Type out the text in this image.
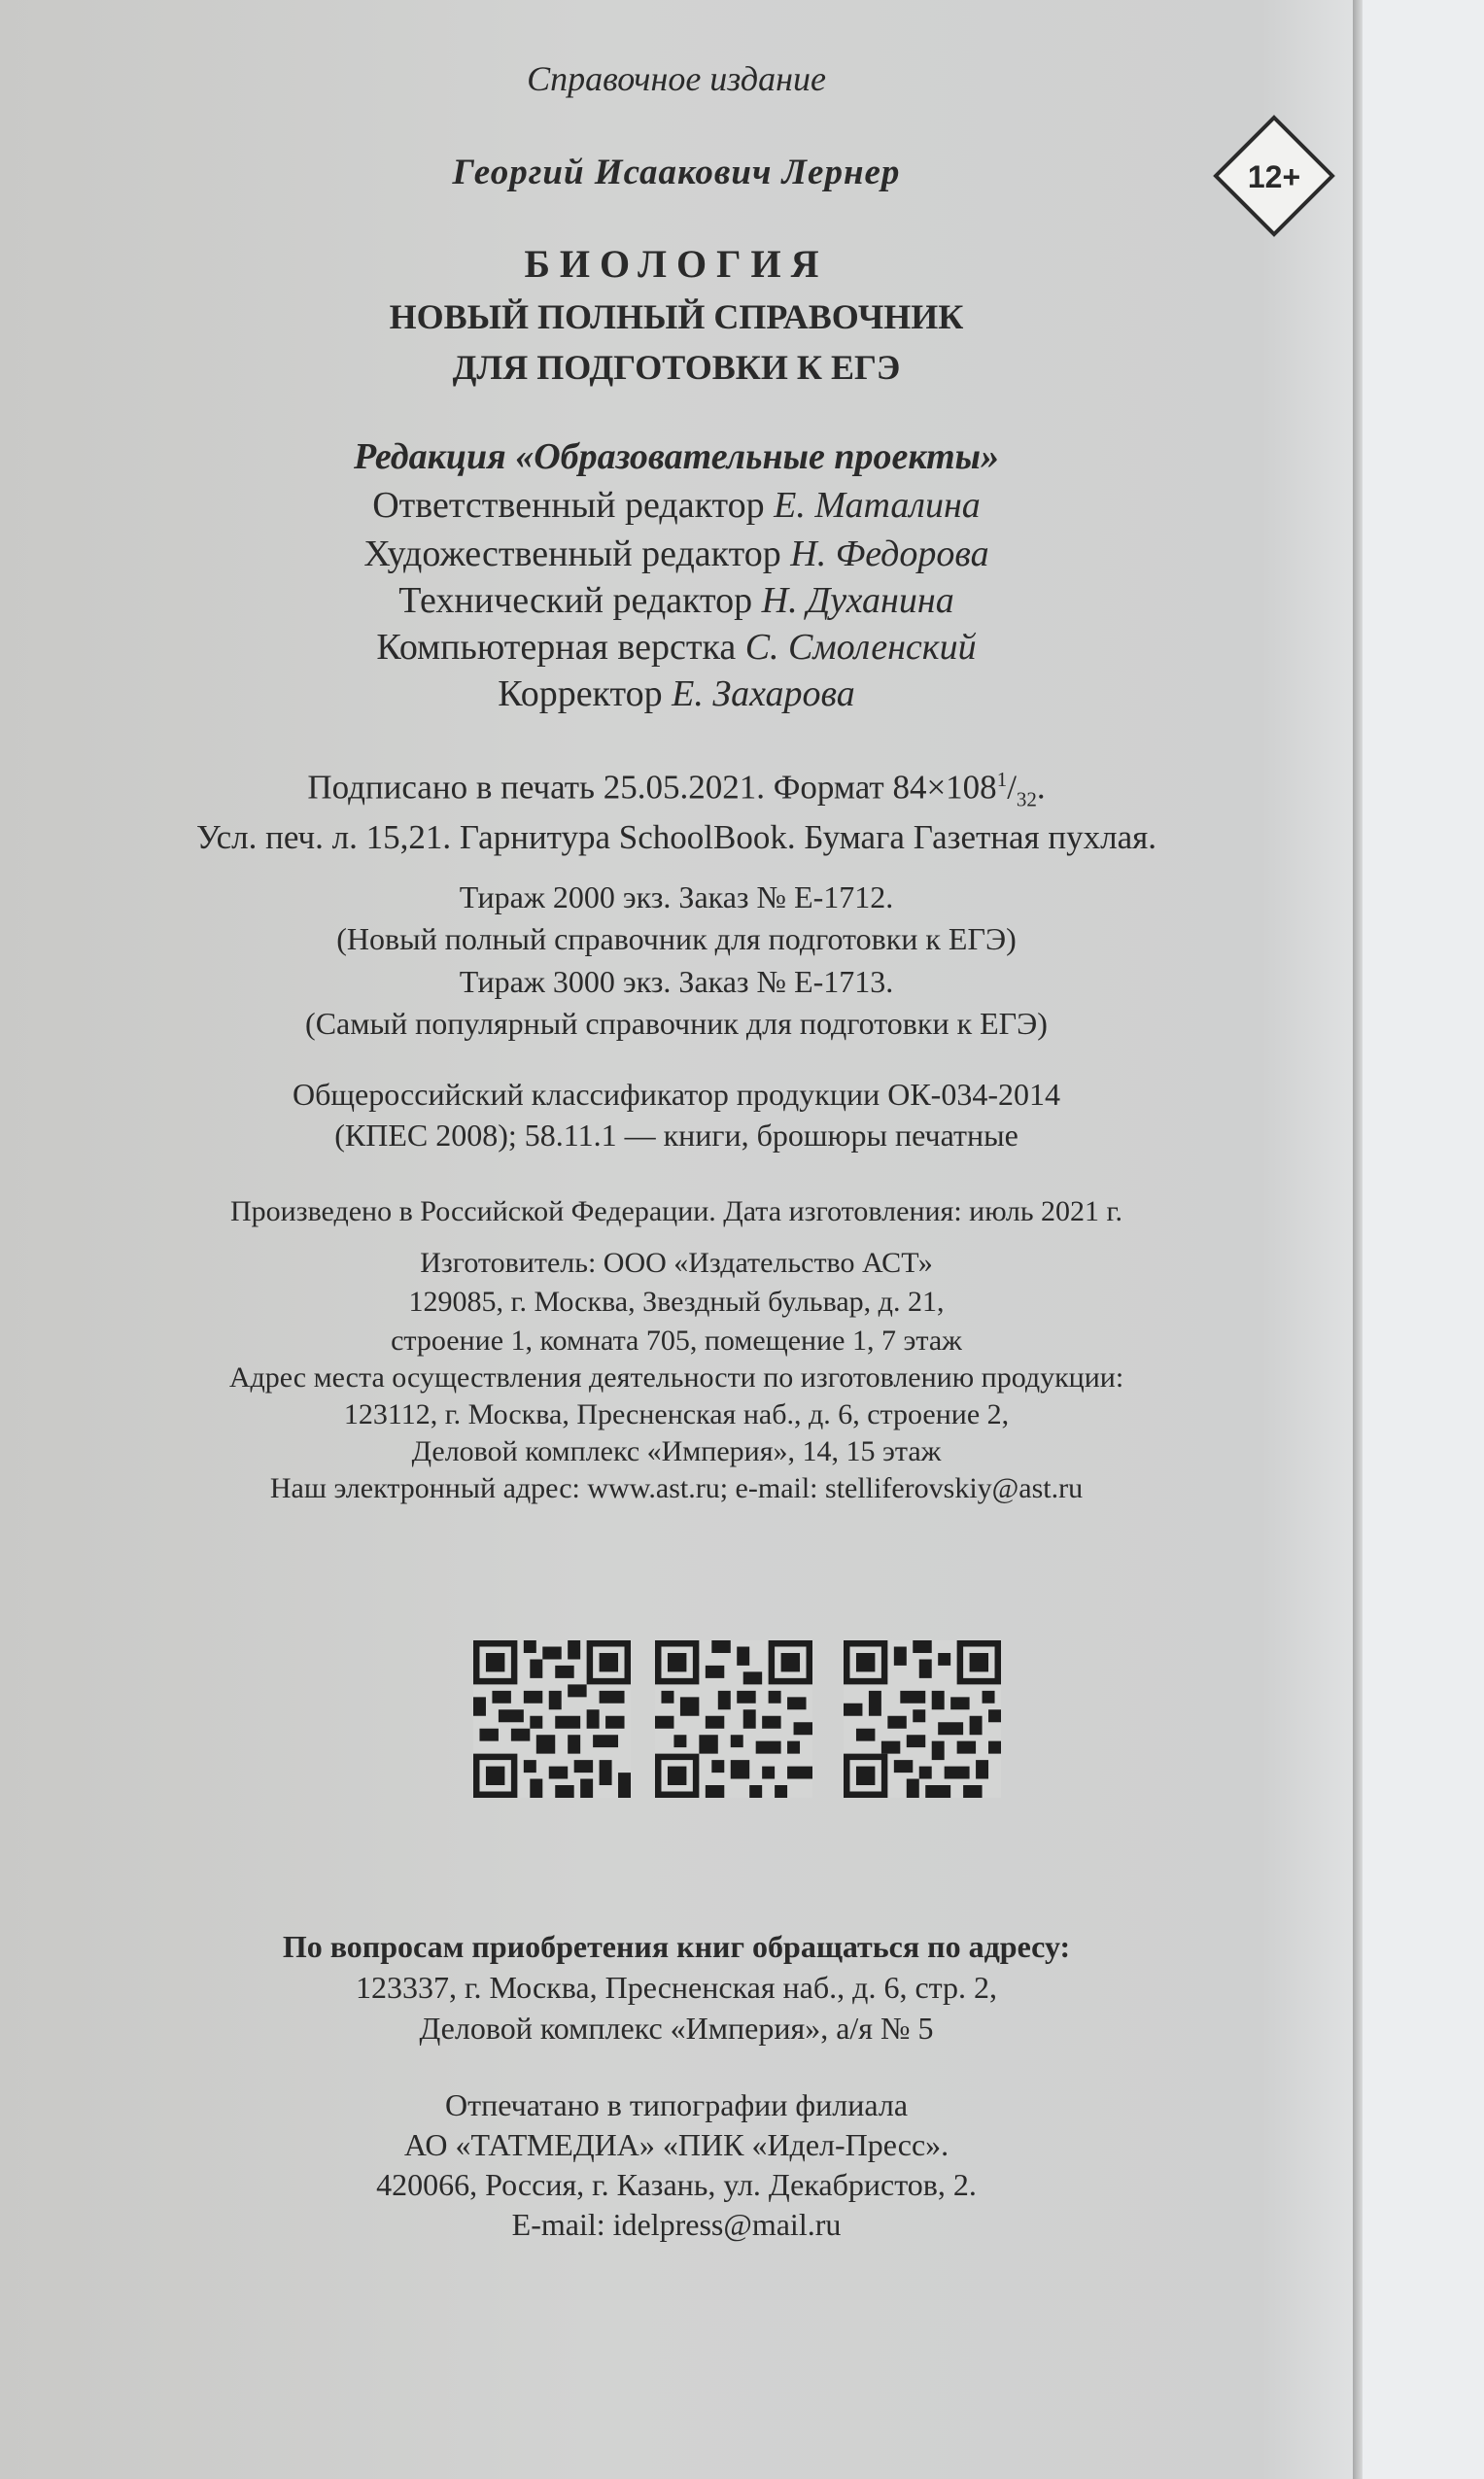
Справочное издание
Георгий Исаакович Лернер	12+
БИОЛОГИЯ
НОВЫЙ ПОЛНЫЙ СПРАВОЧНИК
ДЛЯ ПОДГОТОВКИ К ЕГЭ
Редакция «Образовательные проекты»
Ответственный редактор Е. Маталина
Художественный редактор Н. Федорова
Технический редактор Н. Духанина
Компьютерная верстка С. Смоленский
Корректор Е. Захарова
Подписано в печать 25.05.2021. Формат $84\times 108^1/_{32}$.
Усл. печ. л. 15,21. Гарнитура SchoolBook. Бумага Газетная пухлая.
Тираж 2000 экз. Заказ № Е-1712.
(Новый полный справочник для подготовки к ЕГЭ)
Тираж 3000 экз. Заказ № Е-1713.
(Самый популярный справочник для подготовки к ЕГЭ)
Общероссийский классификатор продукции ОК-034-2014
(КПЕС 2008); 58.11.1 — книги, брошюры печатные
Произведено в Российской Федерации. Дата изготовления: июль 2021 г.
Изготовитель: ООО «Издательство АСТ»
129085, г. Москва, Звездный бульвар, д. 21,
строение 1, комната 705, помещение 1, 7 этаж
Адрес места осуществления деятельности по изготовлению продукции:
123112, г. Москва, Пресненская наб., д. 6, строение 2,
Деловой комплекс «Империя», 14, 15 этаж
Наш электронный адрес: www.ast.ru; e-mail: stelliferovskiy@ast.ru
По вопросам приобретения книг обращаться по адресу:
123337, г. Москва, Пресненская наб., д. 6, стр. 2,
Деловой комплекс «Империя», а/я № 5
Отпечатано в типографии филиала
АО «ТАТМЕДИА» «ПИК «Идел-Пресс».
420066, Россия, г. Казань, ул. Декабристов, 2.
E-mail: idelpress@mail.ru
